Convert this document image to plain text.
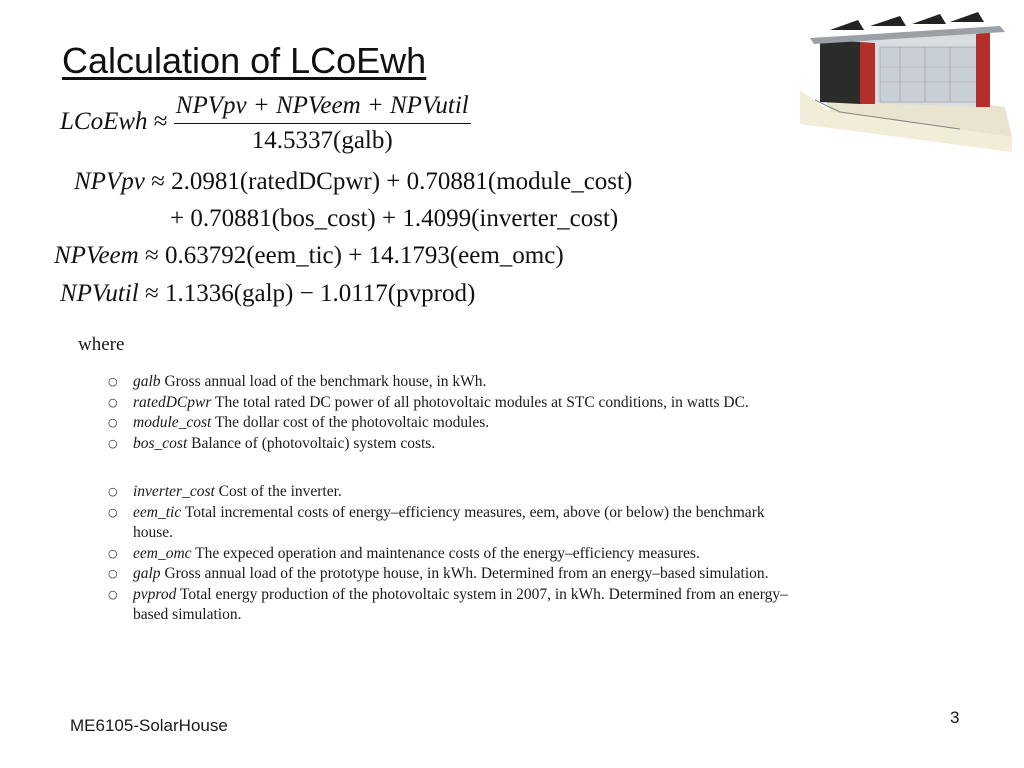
Calculation of LCoEwh
LCoEwh ≈ $\frac{\text{NPVpv + NPVeem + NPVutil}}{\text{14.5337(galb)}}$
NPVpv ≈ 2.0981(ratedDCpwr) + 0.70881(module_cost)
+ 0.70881(bos_cost) + 1.4099(inverter_cost)
NPVeem ≈ 0.63792(eem_tic) + 14.1793(eem_omc)
NPVutil ≈ 1.1336(galp) − 1.0117(pvprod)
where
○ galb Gross annual load of the benchmark house, in kWh.
○ ratedDCpwr The total rated DC power of all photovoltaic modules at STC conditions, in watts DC.
○ module_cost The dollar cost of the photovoltaic modules.
○ bos_cost Balance of (photovoltaic) system costs.
○ inverter_cost Cost of the inverter.
○ eem_tic Total incremental costs of energy–efficiency measures, eem, above (or below) the benchmark house.
○ eem_omc The expeced operation and maintenance costs of the energy–efficiency measures.
○ galp Gross annual load of the prototype house, in kWh. Determined from an energy–based simulation.
○ pvprod Total energy production of the photovoltaic system in 2007, in kWh. Determined from an energy–based simulation.
ME6105-SolarHouse	3
